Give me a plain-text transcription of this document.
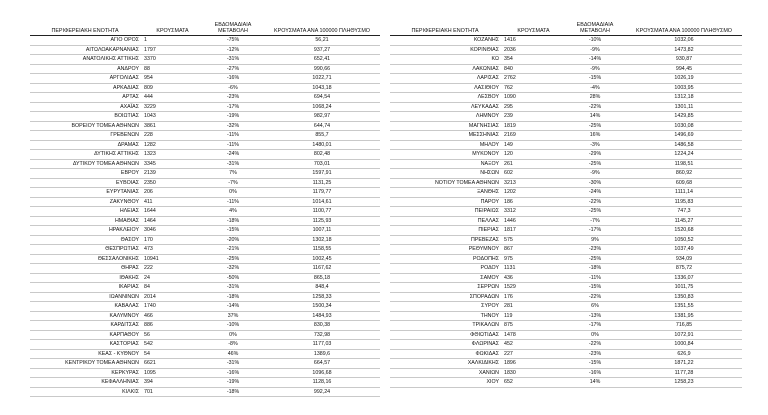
ΠΕΡΙΦΕΡΕΙΑΚΗ ΕΝΟΤΗΤΑ	ΚΡΟΥΣΜΑΤΑ	ΕΒΔΟΜΑΔΙΑΙΑ ΜΕΤΑΒΟΛΗ	ΚΡΟΥΣΜΑΤΑ ΑΝΑ 100000 ΠΛΗΘΥΣΜΟ
ΑΓΙΟ ΟΡΟΣ	1	-75%	56,21
ΑΙΤΩΛΟΑΚΑΡΝΑΝΙΑΣ	1797	-12%	937,27
ΑΝΑΤΟΛΙΚΗΣ ΑΤΤΙΚΗΣ	3370	-31%	652,41
ΑΝΔΡΟΥ	88	-27%	990,66
ΑΡΓΟΛΙΔΑΣ	954	-16%	1022,71
ΑΡΚΑΔΙΑΣ	809	-6%	1043,18
ΑΡΤΑΣ	444	-23%	694,54
ΑΧΑΪΑΣ	3229	-17%	1068,24
ΒΟΙΩΤΙΑΣ	1043	-19%	982,97
ΒΟΡΕΙΟΥ ΤΟΜΕΑ ΑΘΗΝΩΝ	3861	-32%	644,74
ΓΡΕΒΕΝΩΝ	228	-11%	855,7
ΔΡΑΜΑΣ	1282	-11%	1480,01
ΔΥΤΙΚΗΣ ΑΤΤΙΚΗΣ	1323	-24%	802,48
ΔΥΤΙΚΟΥ ΤΟΜΕΑ ΑΘΗΝΩΝ	3345	-31%	703,01
ΕΒΡΟΥ	2139	7%	1597,91
ΕΥΒΟΙΑΣ	2350	-7%	1131,25
ΕΥΡΥΤΑΝΙΑΣ	206	0%	1179,77
ΖΑΚΥΝΘΟΥ	411	-11%	1014,61
ΗΛΕΙΑΣ	1644	4%	1100,77
ΗΜΑΘΙΑΣ	1464	-18%	1125,93
ΗΡΑΚΛΕΙΟΥ	3046	-15%	1007,11
ΘΑΣΟΥ	170	-20%	1302,18
ΘΕΣΠΡΩΤΙΑΣ	473	-21%	1158,55
ΘΕΣΣΑΛΟΝΙΚΗΣ	10941	-25%	1002,45
ΘΗΡΑΣ	222	-32%	1167,62
ΙΘΑΚΗΣ	24	-50%	865,18
ΙΚΑΡΙΑΣ	84	-31%	848,4
ΙΩΑΝΝΙΝΩΝ	2014	-18%	1258,33
ΚΑΒΑΛΑΣ	1740	-14%	1500,34
ΚΑΛΥΜΝΟΥ	466	37%	1484,93
ΚΑΡΔΙΤΣΑΣ	886	-10%	830,38
ΚΑΡΠΑΘΟΥ	56	0%	732,98
ΚΑΣΤΟΡΙΑΣ	542	-8%	1177,03
ΚΕΑΣ - ΚΥΘΝΟΥ	54	46%	1389,6
ΚΕΝΤΡΙΚΟΥ ΤΟΜΕΑ ΑΘΗΝΩΝ	6621	-31%	664,57
ΚΕΡΚΥΡΑΣ	1095	-16%	1096,68
ΚΕΦΑΛΛΗΝΙΑΣ	394	-19%	1128,16
ΚΙΛΚΙΣ	701	-18%	992,24
ΠΕΡΙΦΕΡΕΙΑΚΗ ΕΝΟΤΗΤΑ	ΚΡΟΥΣΜΑΤΑ	ΕΒΔΟΜΑΔΙΑΙΑ ΜΕΤΑΒΟΛΗ	ΚΡΟΥΣΜΑΤΑ ΑΝΑ 100000 ΠΛΗΘΥΣΜΟ
ΚΟΖΑΝΗΣ	1416	-10%	1032,06
ΚΟΡΙΝΘΙΑΣ	2036	-9%	1473,82
ΚΩ	354	-14%	930,87
ΛΑΚΩΝΙΑΣ	840	-9%	994,45
ΛΑΡΙΣΑΣ	2762	-15%	1026,19
ΛΑΣΙΘΙΟΥ	762	-4%	1003,95
ΛΕΣΒΟΥ	1090	28%	1312,18
ΛΕΥΚΑΔΑΣ	295	-22%	1301,11
ΛΗΜΝΟΥ	239	14%	1429,85
ΜΑΓΝΗΣΙΑΣ	1819	-25%	1030,08
ΜΕΣΣΗΝΙΑΣ	2169	16%	1496,69
ΜΗΛΟΥ	149	-3%	1486,58
ΜΥΚΟΝΟΥ	120	-29%	1224,24
ΝΑΞΟΥ	261	-25%	1198,51
ΝΗΣΩΝ	602	-9%	860,92
ΝΟΤΙΟΥ ΤΟΜΕΑ ΑΘΗΝΩΝ	3213	-30%	609,68
ΞΑΝΘΗΣ	1202	-24%	1111,14
ΠΑΡΟΥ	186	-22%	1195,83
ΠΕΙΡΑΙΩΣ	3312	-25%	747,3
ΠΕΛΛΑΣ	1446	-7%	1145,27
ΠΙΕΡΙΑΣ	1817	-17%	1520,68
ΠΡΕΒΕΖΑΣ	575	9%	1050,52
ΡΕΘΥΜΝΟΥ	867	-23%	1037,49
ΡΟΔΟΠΗΣ	975	-25%	934,09
ΡΟΔΟΥ	1131	-18%	875,72
ΣΑΜΟΥ	436	-11%	1336,07
ΣΕΡΡΩΝ	1529	-15%	1011,75
ΣΠΟΡΑΔΩΝ	176	-22%	1350,83
ΣΥΡΟΥ	281	6%	1351,55
ΤΗΝΟΥ	119	-13%	1381,95
ΤΡΙΚΑΛΩΝ	875	-17%	716,85
ΦΘΙΩΤΙΔΑΣ	1478	0%	1072,91
ΦΛΩΡΙΝΑΣ	452	-22%	1000,84
ΦΩΚΙΔΑΣ	227	-23%	626,9
ΧΑΛΚΙΔΙΚΗΣ	1896	-15%	1871,22
ΧΑΝΙΩΝ	1830	-16%	1177,28
ΧΙΟΥ	652	14%	1258,23
